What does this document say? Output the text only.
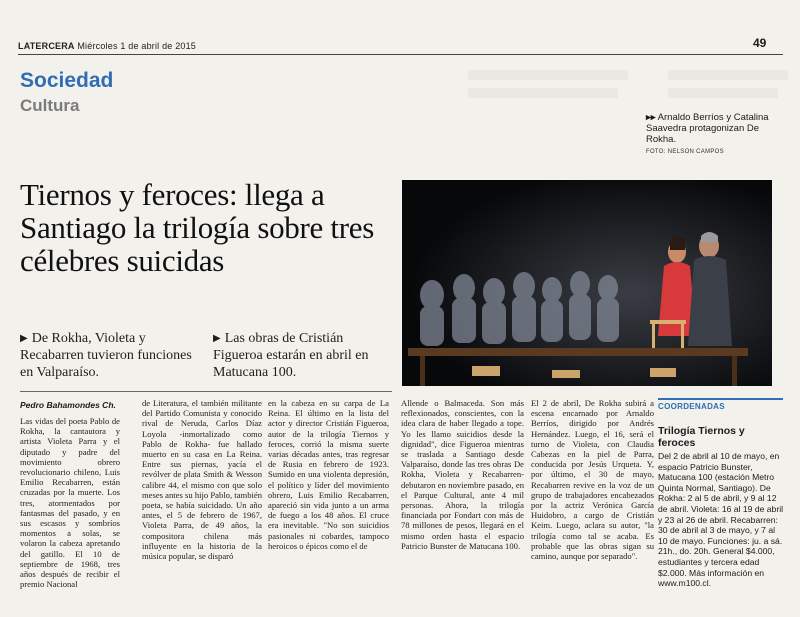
LATERCERA Miércoles 1 de abril de 2015	49
Sociedad
Cultura
▸▸ Arnaldo Berríos y Catalina Saavedra protagonizan De Rokha.
FOTO: NELSON CAMPOS
Tiernos y feroces: llega a Santiago la trilogía sobre tres célebres suicidas
▶ De Rokha, Violeta y Recabarren tuvieron funciones en Valparaíso.
▶ Las obras de Cristián Figueroa estarán en abril en Matucana 100.
Pedro Bahamondes Ch.
Las vidas del poeta Pablo de Rokha, la cantautora y artista Violeta Parra y el diputado y padre del movimiento obrero revolucionario chileno, Luis Emilio Recabarren, están cruzadas por la muerte. Los tres, atormentados por fantasmas del pasado, y en sus escasos y sombríos momentos a solas, se volaron la cabeza apretando del gatillo. El 10 de septiembre de 1968, tres años después de recibir el premio Nacional
de Literatura, el también militante del Partido Comunista y conocido rival de Neruda, Carlos Díaz Loyola -inmortalizado como Pablo de Rokha- fue hallado muerto en su casa en La Reina. Entre sus piernas, yacía el revólver de plata Smith & Wesson calibre 44, el mismo con que solo meses antes su hijo Pablo, también poeta, se había suicidado. Un año antes, el 5 de febrero de 1967, Violeta Parra, de 49 años, la compositora chilena más influyente en la historia de la música popular, se disparó
en la cabeza en su carpa de La Reina. El último en la lista del actor y director Cristián Figueroa, autor de la trilogía Tiernos y feroces, corrió la misma suerte varias décadas antes, tras regresar de Rusia en febrero de 1923. Sumido en una violenta depresión, el político y líder del movimiento obrero, Luis Emilio Recabarren, apareció sin vida junto a un arma de fuego a los 48 años. El cruce era inevitable. "No son suicidios pasionales ni cobardes, tampoco heroicos o épicos como el de
Allende o Balmaceda. Son más reflexionados, conscientes, con la idea clara de haber llegado a tope. Yo les llamo suicidios desde la dignidad", dice Figueroa mientras se traslada a Santiago desde Valparaíso, donde las tres obras De Rokha, Violeta y Recabarren- debutaron en noviembre pasado, en el Parque Cultural, ante 4 mil personas. Ahora, la trilogía financiada por Fondart con más de 78 millones de pesos, llegará en el mismo orden hasta el espacio Patricio Bunster de Matucana 100.
El 2 de abril, De Rokha subirá a escena encarnado por Arnaldo Berríos, dirigido por Andrés Hernández. Luego, el 16, será el turno de Violeta, con Claudia Cabezas en la piel de Parra, conducida por Jesús Urqueta. Y, por último, el 30 de mayo, Recabarren revive en la voz de un grupo de trabajadores encabezados por la actriz Verónica García Huidobro, a cargo de Cristián Keim. Luego, aclara su autor, "la trilogía como tal se acaba. Es probable que las obras sigan su camino, aunque por separado".
COORDENADAS
Trilogía Tiernos y feroces
Del 2 de abril al 10 de mayo, en espacio Patricio Bunster, Matucana 100 (estación Metro Quinta Normal, Santiago). De Rokha: 2 al 5 de abril, y 9 al 12 de abril. Violeta: 16 al 19 de abril y 23 al 26 de abril. Recabarren: 30 de abril al 3 de mayo, y 7 al 10 de mayo. Funciones: ju. a sá. 21h., do. 20h. General $4.000, estudiantes y tercera edad $2.000. Más información en www.m100.cl.
